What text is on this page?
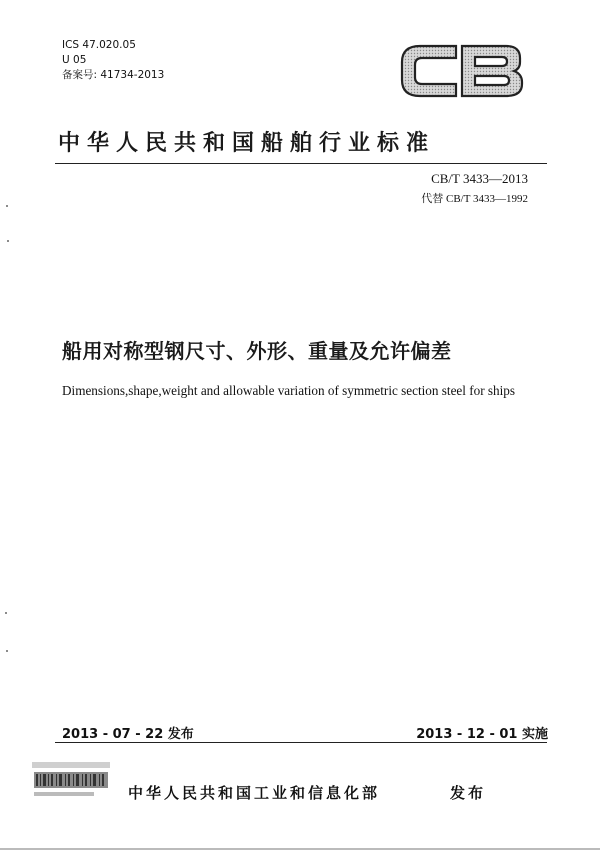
ICS 47.020.05
U 05
备案号: 41734-2013
CB
中华人民共和国船舶行业标准
CB/T 3433—2013
代替 CB/T 3433—1992
船用对称型钢尺寸、外形、重量及允许偏差
Dimensions,shape,weight and allowable variation of symmetric section steel for ships
2013 - 07 - 22 发布	2013 - 12 - 01 实施
中华人民共和国工业和信息化部	发布
